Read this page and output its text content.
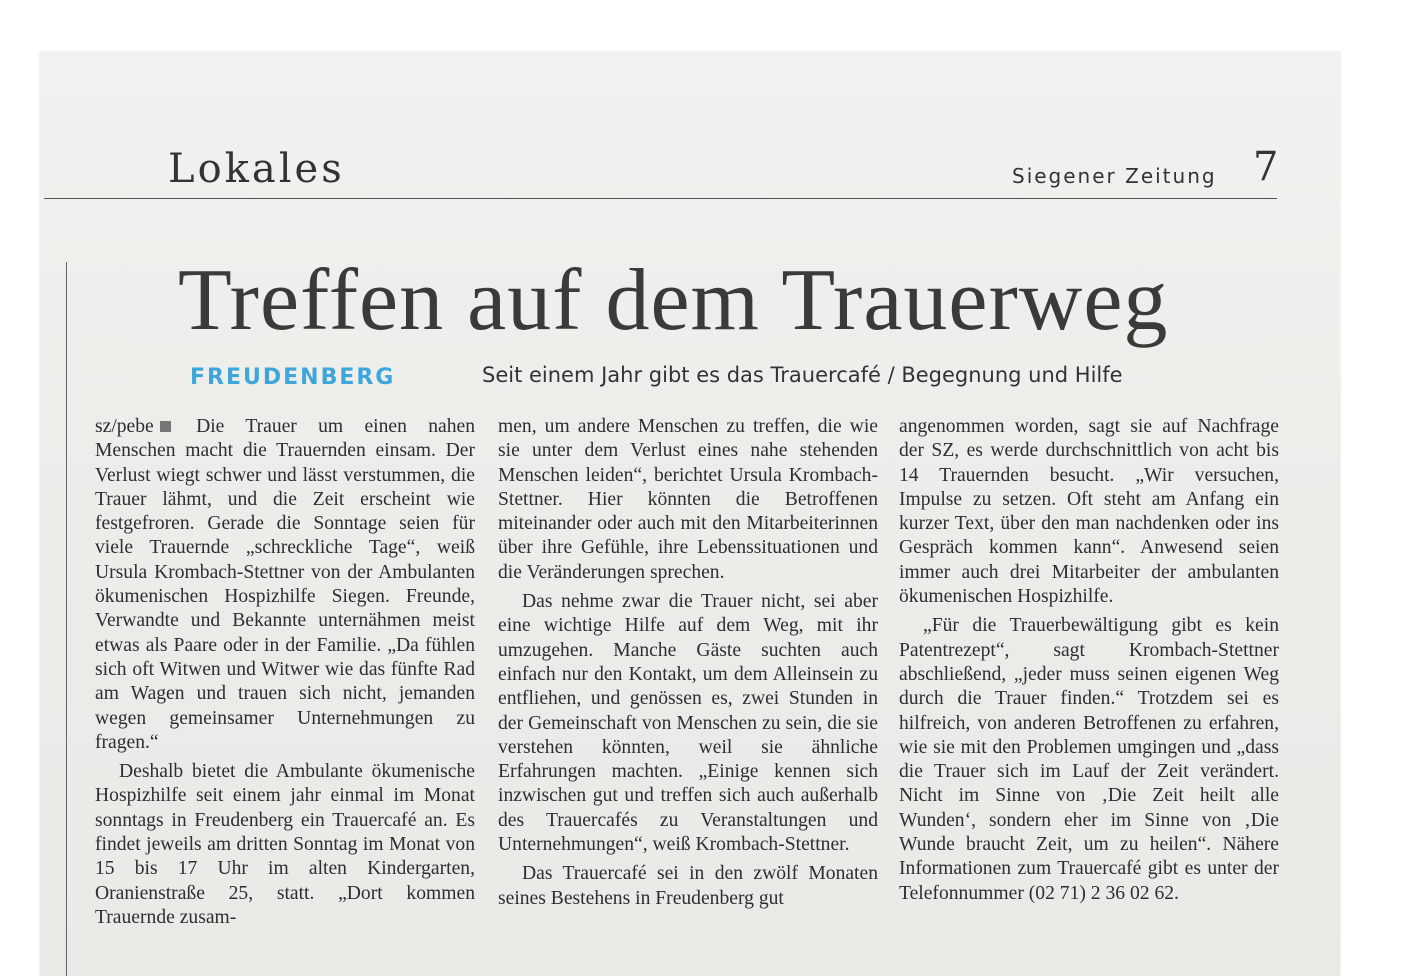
Lokales	Siegener Zeitung 7
Treffen auf dem Trauerweg
FREUDENBERG	Seit einem Jahr gibt es das Trauercafé / Begegnung und Hilfe

sz/pebe Die Trauer um einen nahen Menschen macht die Trauernden einsam. Der Verlust wiegt schwer und lässt verstummen, die Trauer lähmt, und die Zeit erscheint wie festgefroren. Gerade die Sonntage seien für viele Trauernde „schreckliche Tage“, weiß Ursula Krombach-Stettner von der Ambulanten ökumenischen Hospizhilfe Siegen. Freunde, Verwandte und Bekannte unternähmen meist etwas als Paare oder in der Familie. „Da fühlen sich oft Witwen und Witwer wie das fünfte Rad am Wagen und trauen sich nicht, jemanden wegen gemeinsamer Unternehmungen zu fragen.“

Deshalb bietet die Ambulante ökumenische Hospizhilfe seit einem jahr einmal im Monat sonntags in Freudenberg ein Trauercafé an. Es findet jeweils am dritten Sonntag im Monat von 15 bis 17 Uhr im alten Kindergarten, Oranienstraße 25, statt. „Dort kommen Trauernde zusam-

men, um andere Menschen zu treffen, die wie sie unter dem Verlust eines nahe stehenden Menschen leiden“, berichtet Ursula Krombach-Stettner. Hier könnten die Betroffenen miteinander oder auch mit den Mitarbeiterinnen über ihre Gefühle, ihre Lebenssituationen und die Veränderungen sprechen.

Das nehme zwar die Trauer nicht, sei aber eine wichtige Hilfe auf dem Weg, mit ihr umzugehen. Manche Gäste suchten auch einfach nur den Kontakt, um dem Alleinsein zu entfliehen, und genössen es, zwei Stunden in der Gemeinschaft von Menschen zu sein, die sie verstehen könnten, weil sie ähnliche Erfahrungen machten. „Einige kennen sich inzwischen gut und treffen sich auch außerhalb des Trauercafés zu Veranstaltungen und Unternehmungen“, weiß Krombach-Stettner.

Das Trauercafé sei in den zwölf Monaten seines Bestehens in Freudenberg gut

angenommen worden, sagt sie auf Nachfrage der SZ, es werde durchschnittlich von acht bis 14 Trauernden besucht. „Wir versuchen, Impulse zu setzen. Oft steht am Anfang ein kurzer Text, über den man nachdenken oder ins Gespräch kommen kann“. Anwesend seien immer auch drei Mitarbeiter der ambulanten ökumenischen Hospizhilfe.

„Für die Trauerbewältigung gibt es kein Patentrezept“, sagt Krombach-Stettner abschließend, „jeder muss seinen eigenen Weg durch die Trauer finden.“ Trotzdem sei es hilfreich, von anderen Betroffenen zu erfahren, wie sie mit den Problemen umgingen und „dass die Trauer sich im Lauf der Zeit verändert. Nicht im Sinne von ‚Die Zeit heilt alle Wunden‘, sondern eher im Sinne von ‚Die Wunde braucht Zeit, um zu heilen“. Nähere Informationen zum Trauercafé gibt es unter der Telefonnummer (02 71) 2 36 02 62.
